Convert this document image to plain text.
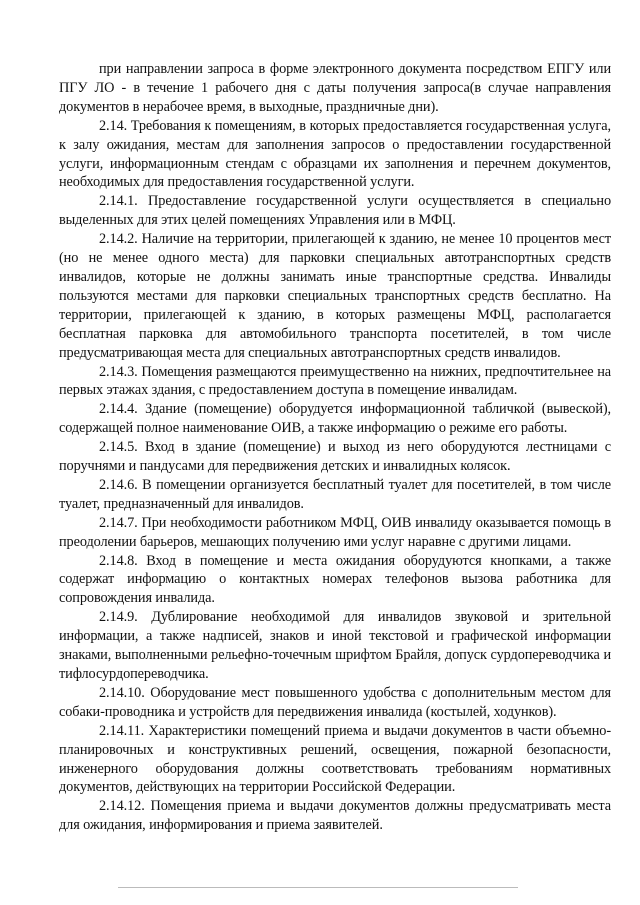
при направлении запроса в форме электронного документа посредством ЕПГУ или ПГУ ЛО - в течение 1 рабочего дня с даты получения запроса(в случае направления документов в нерабочее время, в выходные, праздничные дни).

2.14. Требования к помещениям, в которых предоставляется государственная услуга, к залу ожидания, местам для заполнения запросов о предоставлении государственной услуги, информационным стендам с образцами их заполнения и перечнем документов, необходимых для предоставления государственной услуги.

2.14.1. Предоставление государственной услуги осуществляется в специально выделенных для этих целей помещениях Управления или в МФЦ.

2.14.2. Наличие на территории, прилегающей к зданию, не менее 10 процентов мест (но не менее одного места) для парковки специальных автотранспортных средств инвалидов, которые не должны занимать иные транспортные средства. Инвалиды пользуются местами для парковки специальных транспортных средств бесплатно. На территории, прилегающей к зданию, в которых размещены МФЦ, располагается бесплатная парковка для автомобильного транспорта посетителей, в том числе предусматривающая места для специальных автотранспортных средств инвалидов.

2.14.3. Помещения размещаются преимущественно на нижних, предпочтительнее на первых этажах здания, с предоставлением доступа в помещение инвалидам.

2.14.4. Здание (помещение) оборудуется информационной табличкой (вывеской), содержащей полное наименование ОИВ, а также информацию о режиме его работы.

2.14.5. Вход в здание (помещение) и выход из него оборудуются лестницами с поручнями и пандусами для передвижения детских и инвалидных колясок.

2.14.6. В помещении организуется бесплатный туалет для посетителей, в том числе туалет, предназначенный для инвалидов.

2.14.7. При необходимости работником МФЦ, ОИВ инвалиду оказывается помощь в преодолении барьеров, мешающих получению ими услуг наравне с другими лицами.

2.14.8. Вход в помещение и места ожидания оборудуются кнопками, а также содержат информацию о контактных номерах телефонов вызова работника для сопровождения инвалида.

2.14.9. Дублирование необходимой для инвалидов звуковой и зрительной информации, а также надписей, знаков и иной текстовой и графической информации знаками, выполненными рельефно-точечным шрифтом Брайля, допуск сурдопереводчика и тифлосурдопереводчика.

2.14.10. Оборудование мест повышенного удобства с дополнительным местом для собаки-проводника и устройств для передвижения инвалида (костылей, ходунков).

2.14.11. Характеристики помещений приема и выдачи документов в части объемно-планировочных и конструктивных решений, освещения, пожарной безопасности, инженерного оборудования должны соответствовать требованиям нормативных документов, действующих на территории Российской Федерации.

2.14.12. Помещения приема и выдачи документов должны предусматривать места для ожидания, информирования и приема заявителей.
